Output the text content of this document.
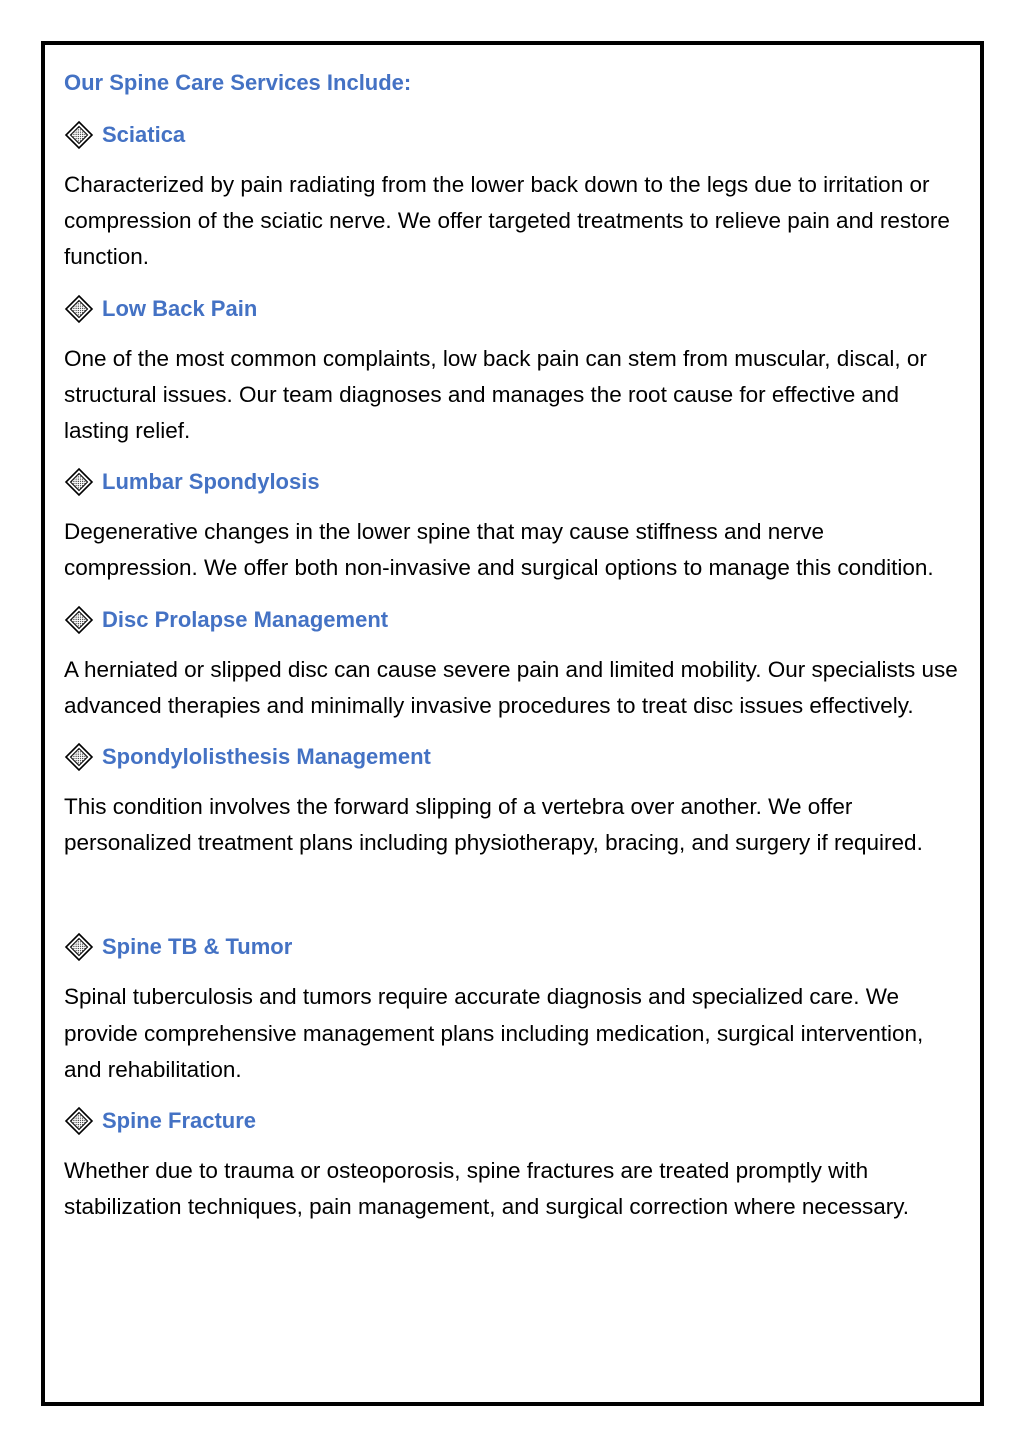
Our Spine Care Services Include:
Sciatica

Characterized by pain radiating from the lower back down to the legs due to irritation or compression of the sciatic nerve. We offer targeted treatments to relieve pain and restore function.

Low Back Pain

One of the most common complaints, low back pain can stem from muscular, discal, or structural issues. Our team diagnoses and manages the root cause for effective and lasting relief.

Lumbar Spondylosis

Degenerative changes in the lower spine that may cause stiffness and nerve compression. We offer both non-invasive and surgical options to manage this condition.

Disc Prolapse Management

A herniated or slipped disc can cause severe pain and limited mobility. Our specialists use advanced therapies and minimally invasive procedures to treat disc issues effectively.

Spondylolisthesis Management

This condition involves the forward slipping of a vertebra over another. We offer personalized treatment plans including physiotherapy, bracing, and surgery if required.

Spine TB & Tumor

Spinal tuberculosis and tumors require accurate diagnosis and specialized care. We provide comprehensive management plans including medication, surgical intervention, and rehabilitation.

Spine Fracture

Whether due to trauma or osteoporosis, spine fractures are treated promptly with stabilization techniques, pain management, and surgical correction where necessary.
